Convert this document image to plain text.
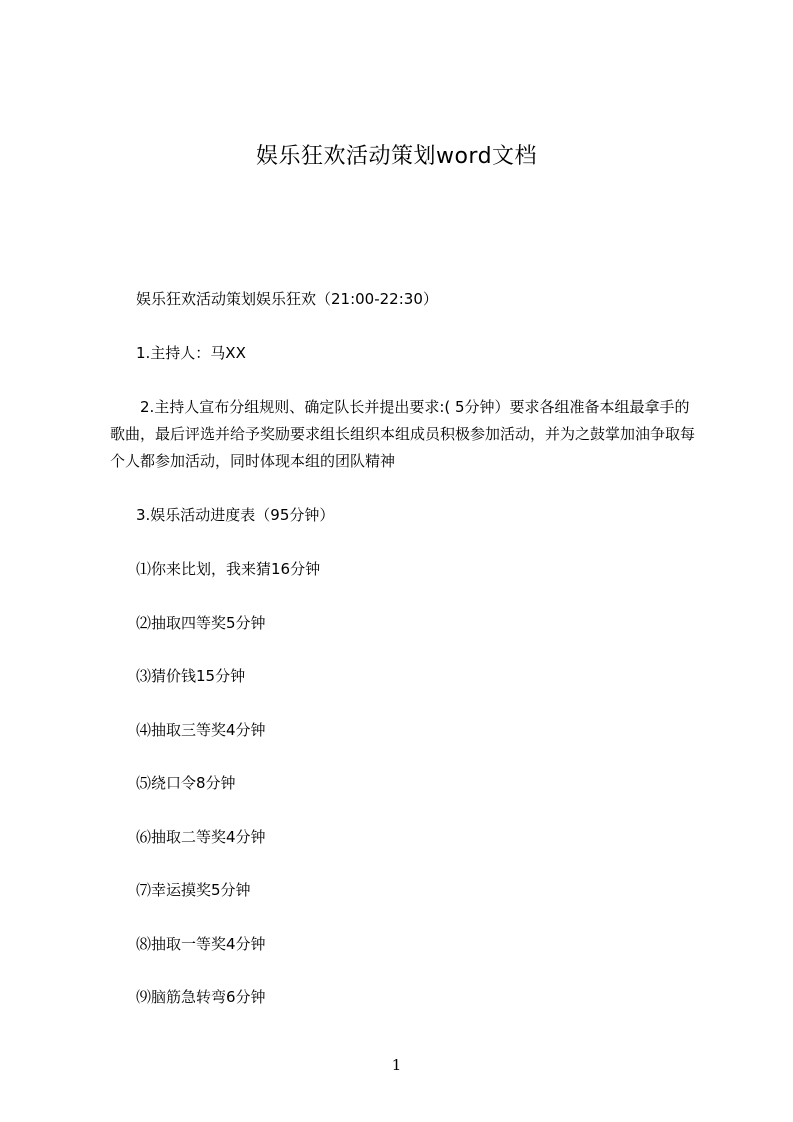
娱乐狂欢活动策划word文档

娱乐狂欢活动策划娱乐狂欢（21:00-22:30）

1.主持人：马XX

2.主持人宣布分组规则、确定队长并提出要求:( 5分钟）要求各组准备本组最拿手的歌曲，最后评选并给予奖励要求组长组织本组成员积极参加活动，并为之鼓掌加油争取每个人都参加活动，同时体现本组的团队精神

3.娱乐活动进度表（95分钟）

⑴你来比划，我来猜16分钟
⑵抽取四等奖5分钟
⑶猜价钱15分钟
⑷抽取三等奖4分钟
⑸绕口令8分钟
⑹抽取二等奖4分钟
⑺幸运摸奖5分钟
⑻抽取一等奖4分钟
⑼脑筋急转弯6分钟
1
